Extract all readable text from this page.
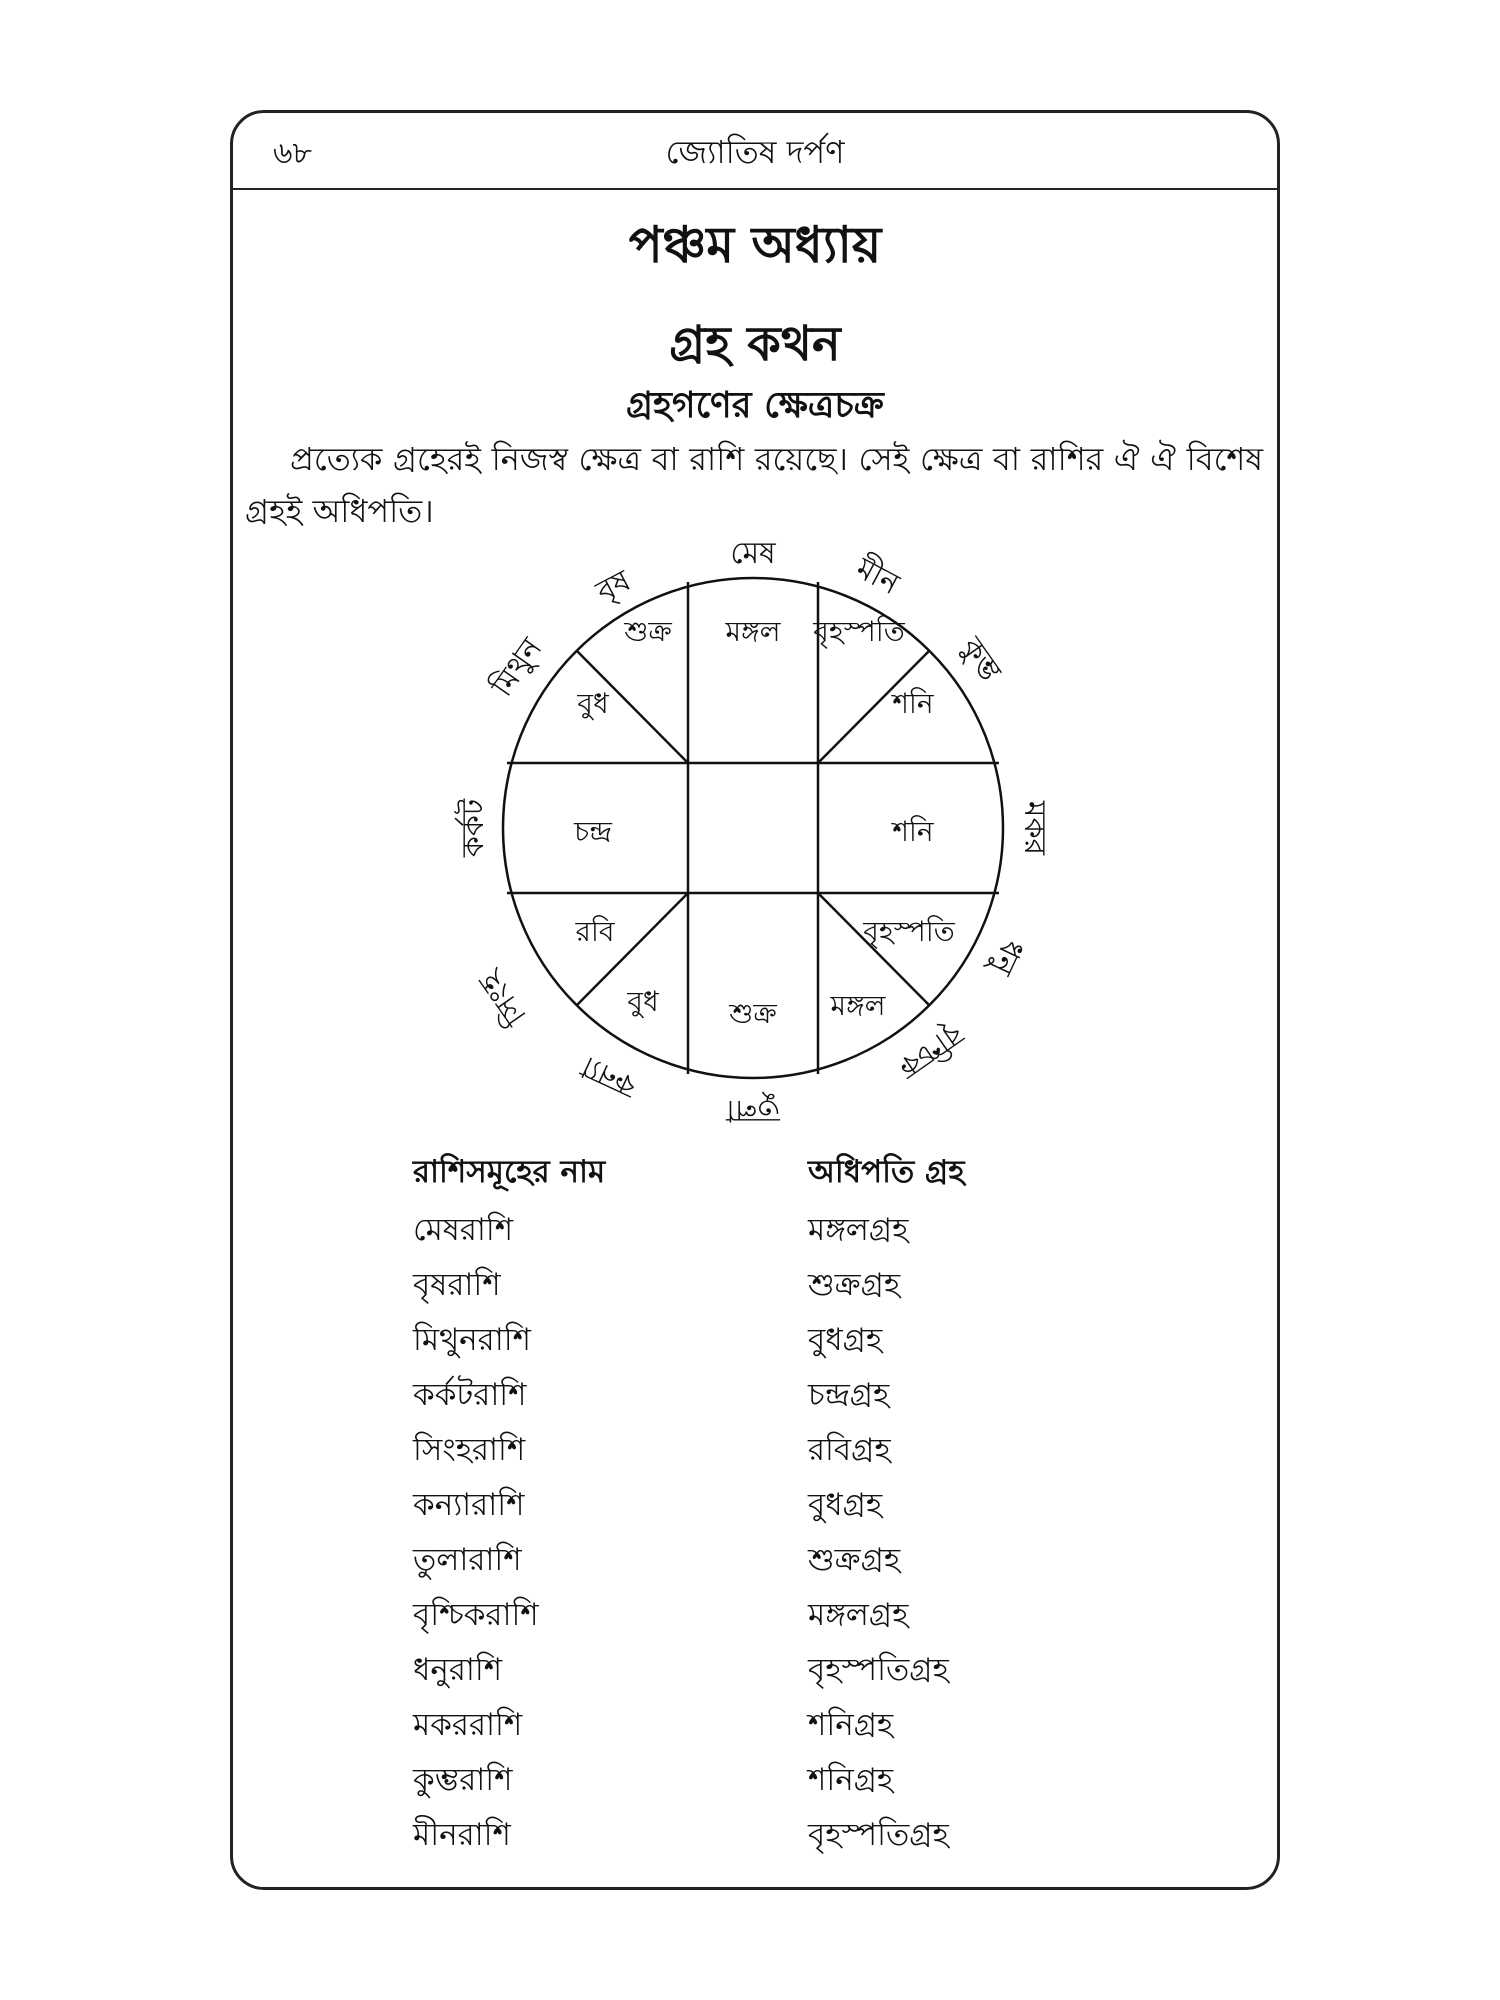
৬৮	জ্যোতিষ দর্পণ
পঞ্চম অধ্যায়
গ্রহ কথন
গ্রহগণের ক্ষেত্রচক্র
প্রত্যেক গ্রহেরই নিজস্ব ক্ষেত্র বা রাশি রয়েছে। সেই ক্ষেত্র বা রাশির ঐ ঐ বিশেষ গ্রহই অধিপতি।
মঙ্গল বৃহস্পতি
শনি
শনি
বৃহস্পতি
মঙ্গল
শুক্র
বুধ
রবি
চন্দ্র
বুধ
শুক্র
মেষ মীন
কুম্ভ
মকর
ধনু
বৃশ্চিক
তুলা
কন্যা
সিংহ
কর্কট
মিথুন
বৃষ
রাশিসমূহের নাম	অধিপতি গ্রহ
মেষরাশি	মঙ্গলগ্রহ
বৃষরাশি	শুক্রগ্রহ
মিথুনরাশি	বুধগ্রহ
কর্কটরাশি	চন্দ্রগ্রহ
সিংহরাশি	রবিগ্রহ
কন্যারাশি	বুধগ্রহ
তুলারাশি	শুক্রগ্রহ
বৃশ্চিকরাশি	মঙ্গলগ্রহ
ধনুরাশি	বৃহস্পতিগ্রহ
মকররাশি	শনিগ্রহ
কুম্ভরাশি	শনিগ্রহ
মীনরাশি	বৃহস্পতিগ্রহ
